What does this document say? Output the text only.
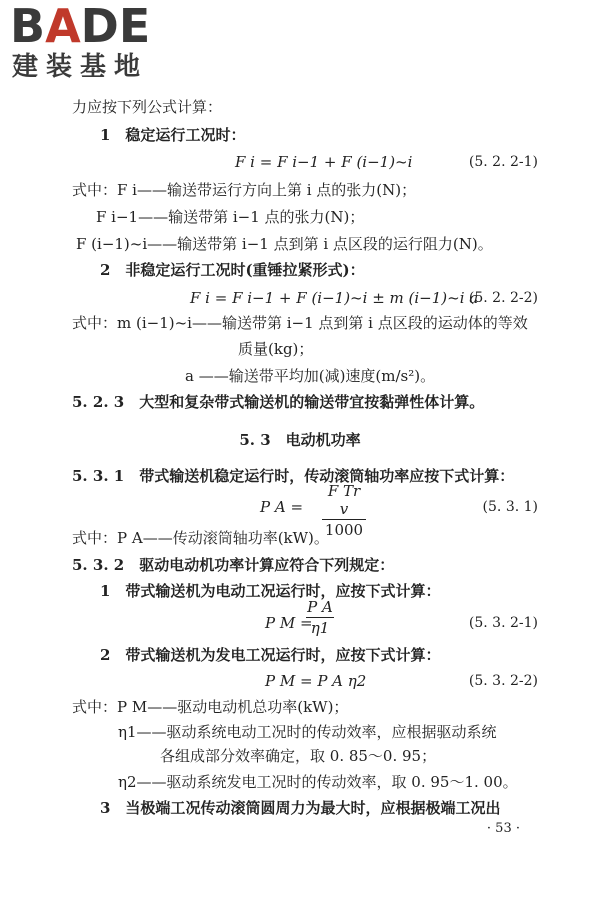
BADE
建装基地
力应按下列公式计算：
1　稳定运行工况时：
F i = F i−1 + F (i−1)~i	(5. 2. 2-1)
式中：F i——输送带运行方向上第 i 点的张力(N)；
F i−1——输送带第 i−1 点的张力(N)；
F (i−1)~i——输送带第 i−1 点到第 i 点区段的运行阻力(N)。
2　非稳定运行工况时(重锤拉紧形式)：
F i = F i−1 + F (i−1)~i ± m (i−1)~i a
(5. 2. 2-2)
式中：m (i−1)~i——输送带第 i−1 点到第 i 点区段的运动体的等效
质量(kg)；
a ——输送带平均加(减)速度(m/s²)。
5. 2. 3　大型和复杂带式输送机的输送带宜按黏弹性体计算。
5. 3　电动机功率
5. 3. 1　带式输送机稳定运行时，传动滚筒轴功率应按下式计算：
P A =
F Tr v
1000
(5. 3. 1)
式中：P A——传动滚筒轴功率(kW)。
5. 3. 2　驱动电动机功率计算应符合下列规定：
1　带式输送机为电动工况运行时，应按下式计算：
P M =
P A
η1	(5. 3. 2-1)
2　带式输送机为发电工况运行时，应按下式计算：
P M = P A η2	(5. 3. 2-2)
式中：P M——驱动电动机总功率(kW)；
η1——驱动系统电动工况时的传动效率，应根据驱动系统
各组成部分效率确定，取 0. 85～0. 95；
η2——驱动系统发电工况时的传动效率，取 0. 95～1. 00。
3　当极端工况传动滚筒圆周力为最大时，应根据极端工况出
· 53 ·
